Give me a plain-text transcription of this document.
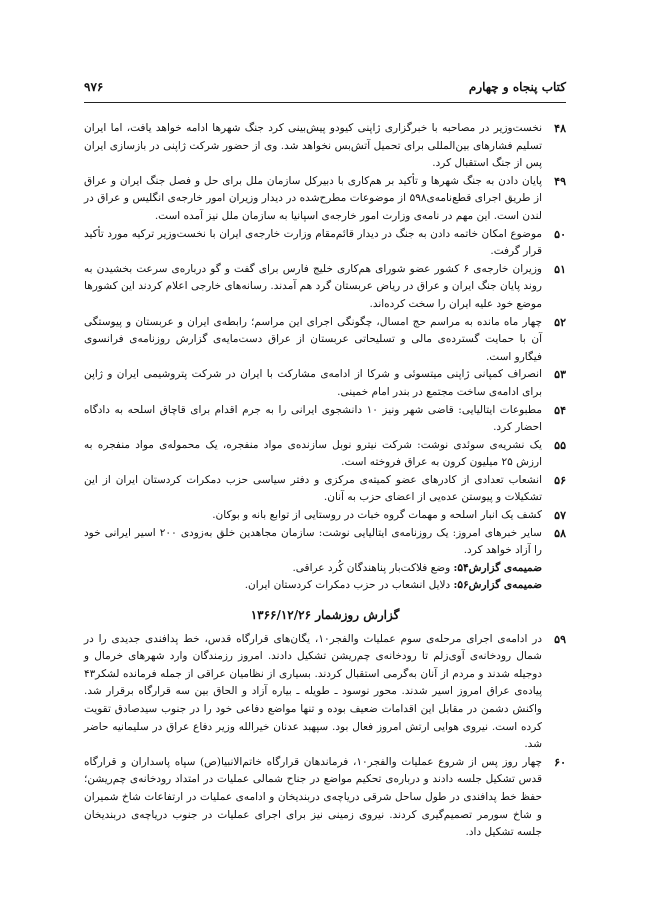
کتاب پنجاه و چهارم
۹۷۶

۴۸
نخست‌وزیر در مصاحبه با خبرگزاری ژاپنی کیودو پیش‌بینی کرد جنگ شهرها ادامه خواهد یافت، اما ایران تسلیم فشارهای بین‌المللی برای تحمیل آتش‌بس نخواهد شد. وی از حضور شرکت ژاپنی در بازسازی ایران پس از جنگ استقبال کرد.

۴۹
پایان دادن به جنگ شهرها و تأکید بر هم‌کاری با دبیرکل سازمان ملل برای حل و فصل جنگ ایران و عراق از طریق اجرای قطع‌نامه‌ی۵۹۸ از موضوعات مطرح‌شده در دیدار وزیران امور خارجه‌ی انگلیس و عراق در لندن است. این مهم در نامه‌ی وزارت امور خارجه‌ی اسپانیا به سازمان ملل نیز آمده است.

۵۰
موضوع امکان خاتمه دادن به جنگ در دیدار قائم‌مقام وزارت خارجه‌ی ایران با نخست‌وزیر ترکیه مورد تأکید قرار گرفت.

۵۱
وزیران خارجه‌ی ۶ کشور عضو شورای هم‌کاری خلیج فارس برای گفت و گو درباره‌ی سرعت بخشیدن به روند پایان جنگ ایران و عراق در ریاض عربستان گرد هم آمدند. رسانه‌های خارجی اعلام کردند این کشورها موضع خود علیه ایران را سخت کرده‌اند.

۵۲
چهار ماه مانده به مراسم حج امسال، چگونگی اجرای این مراسم؛ رابطه‌ی ایران و عربستان و پیوستگی آن با حمایت گسترده‌ی مالی و تسلیحاتی عربستان از عراق دست‌مایه‌ی گزارش روزنامه‌ی فرانسوی فیگارو است.

۵۳
انصراف کمپانی ژاپنی میتسوئی و شرکا از ادامه‌ی مشارکت با ایران در شرکت پتروشیمی ایران و ژاپن برای ادامه‌ی ساخت مجتمع در بندر امام خمینی.

۵۴
مطبوعات ایتالیایی: قاضی شهر ونیز ۱۰ دانشجوی ایرانی را به جرم اقدام برای قاچاق اسلحه به دادگاه احضار کرد.

۵۵
یک نشریه‌ی سوئدی نوشت: شرکت نیترو نوبل سازنده‌ی مواد منفجره، یک محموله‌ی مواد منفجره به ارزش ۲۵ میلیون کرون به عراق فروخته است.

۵۶
انشعاب تعدادی از کادرهای عضو کمیته‌ی مرکزی و دفتر سیاسی حزب دمکرات کردستان ایران از این تشکیلات و پیوستن عده‌یی از اعضای حزب به آنان.

۵۷
کشف یک انبار اسلحه و مهمات گروه خبات در روستایی از توابع بانه و بوکان.

۵۸
سایر خبرهای امروز: یک روزنامه‌ی ایتالیایی نوشت: سازمان مجاهدین خلق به‌زودی ۲۰۰ اسیر ایرانی خود را آزاد خواهد کرد.

ضمیمه‌ی گزارش۵۴: وضع فلاکت‌بار پناهندگان کُرد عراقی.

ضمیمه‌ی گزارش۵۶: دلایل انشعاب در حزب دمکرات کردستان ایران.

گزارش روزشمار ۱۳۶۶/۱۲/۲۶

۵۹
در ادامه‌ی اجرای مرحله‌ی سوم عملیات والفجر۱۰، یگان‌های قرارگاه قدس، خط پدافندی جدیدی را در شمال رودخانه‌ی آوی‌زلم تا رودخانه‌ی چم‌ریشن تشکیل دادند. امروز رزمندگان وارد شهرهای خرمال و دوجیله شدند و مردم از آنان به‌گرمی استقبال کردند. بسیاری از نظامیان عراقی از جمله فرمانده لشکر۴۳ پیاده‌ی عراق امروز اسیر شدند. محور نوسود ـ طویله ـ بیاره آزاد و الحاق بین سه قرارگاه برقرار شد. واکنش دشمن در مقابل این اقدامات ضعیف بوده و تنها مواضع دفاعی خود را در جنوب سیدصادق تقویت کرده است. نیروی هوایی ارتش امروز فعال بود. سپهبد عدنان خیرالله وزیر دفاع عراق در سلیمانیه حاضر شد.

۶۰
چهار روز پس از شروع عملیات والفجر۱۰، فرماندهان قرارگاه خاتم‌الانبیا(ص) سپاه پاسداران و قرارگاه قدس تشکیل جلسه دادند و درباره‌ی تحکیم مواضع در جناح شمالی عملیات در امتداد رودخانه‌ی چم‌ریشن؛ حفظ خط پدافندی در طول ساحل شرقی دریاچه‌ی دربندیخان و ادامه‌ی عملیات در ارتفاعات شاخ شمیران و شاخ سورمر تصمیم‌گیری کردند. نیروی زمینی نیز برای اجرای عملیات در جنوب دریاچه‌ی دربندیخان جلسه تشکیل داد.
